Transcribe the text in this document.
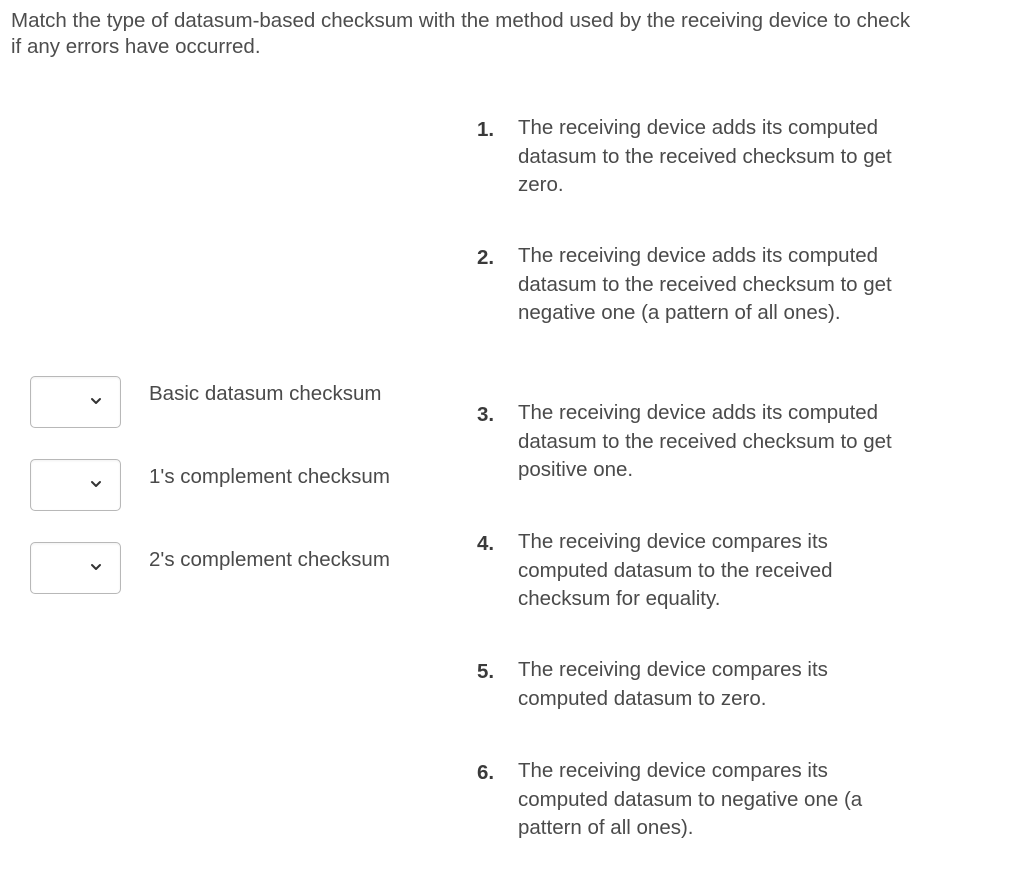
Match the type of datasum-based checksum with the method used by the receiving device to check if any errors have occurred.

Basic datasum checksum
1's complement checksum
2's complement checksum
1.	The receiving device adds its computed datasum to the received checksum to get zero.
2.	The receiving device adds its computed datasum to the received checksum to get negative one (a pattern of all ones).
3.	The receiving device adds its computed datasum to the received checksum to get positive one.
4.	The receiving device compares its computed datasum to the received checksum for equality.
5.	The receiving device compares its computed datasum to zero.
6.	The receiving device compares its computed datasum to negative one (a pattern of all ones).
